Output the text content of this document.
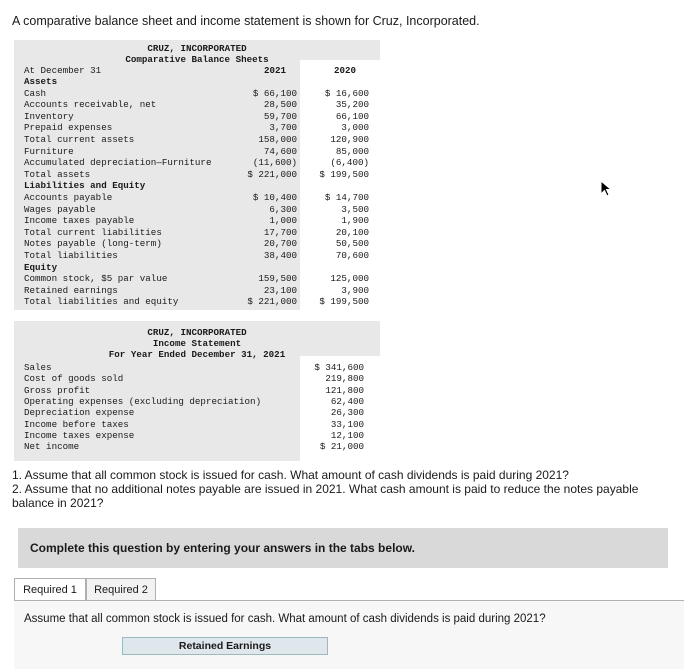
A comparative balance sheet and income statement is shown for Cruz, Incorporated.
CRUZ, INCORPORATED
Comparative Balance Sheets
At December 31	2021	2020
Assets
Cash	$ 66,100	$ 16,600
Accounts receivable, net	28,500	35,200
Inventory	59,700	66,100
Prepaid expenses	3,700	3,000
Total current assets	158,000	120,900
Furniture	74,600	85,000
Accumulated depreciation—Furniture	(11,600)	(6,400)
Total assets	$ 221,000	$ 199,500
Liabilities and Equity
Accounts payable	$ 10,400	$ 14,700
Wages payable	6,300	3,500
Income taxes payable	1,000	1,900
Total current liabilities	17,700	20,100
Notes payable (long-term)	20,700	50,500
Total liabilities	38,400	70,600
Equity
Common stock, $5 par value	159,500	125,000
Retained earnings	23,100	3,900
Total liabilities and equity	$ 221,000	$ 199,500
CRUZ, INCORPORATED
Income Statement
For Year Ended December 31, 2021
Sales	$ 341,600
Cost of goods sold	219,800
Gross profit	121,800
Operating expenses (excluding depreciation)	62,400
Depreciation expense	26,300
Income before taxes	33,100
Income taxes expense	12,100
Net income	$ 21,000

1. Assume that all common stock is issued for cash. What amount of cash dividends is paid during 2021?

2. Assume that no additional notes payable are issued in 2021. What cash amount is paid to reduce the notes payable balance in 2021?

Complete this question by entering your answers in the tabs below.
Required 1	Required 2
Assume that all common stock is issued for cash. What amount of cash dividends is paid during 2021?
Retained Earnings
